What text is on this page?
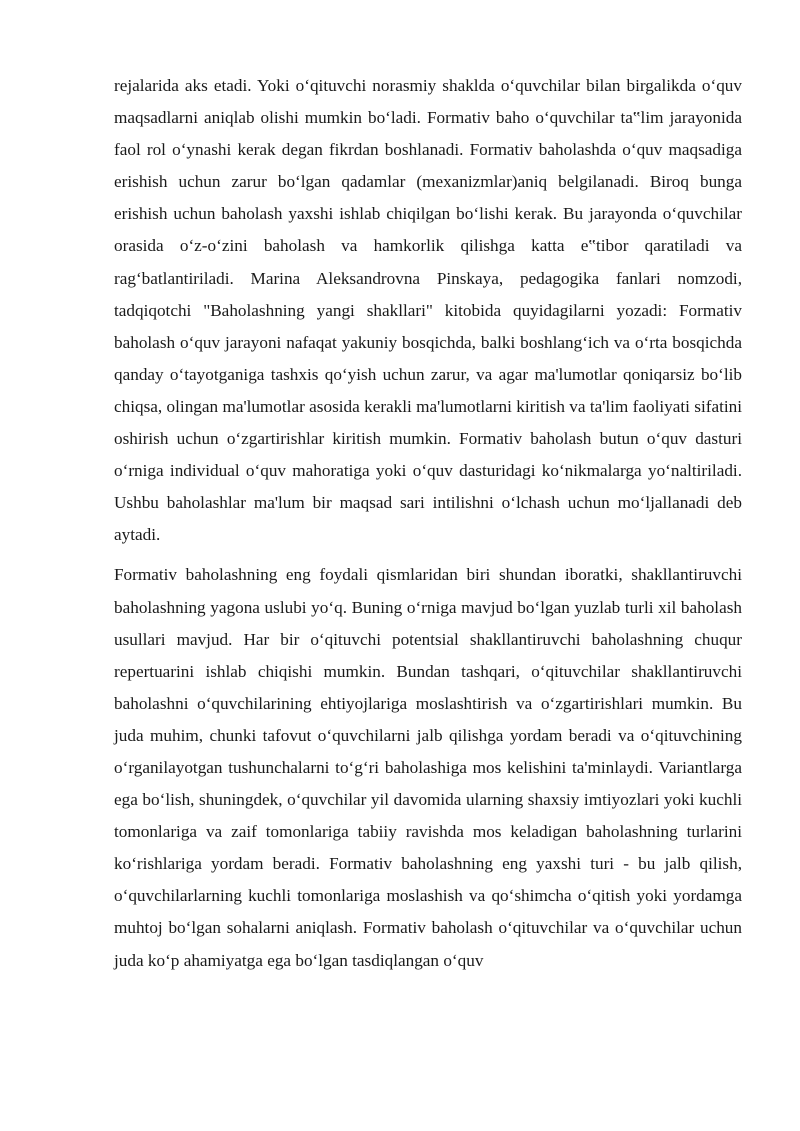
rejalarida aks etadi. Yoki o‘qituvchi norasmiy shaklda o‘quvchilar bilan birgalikda o‘quv maqsadlarni aniqlab olishi mumkin bo‘ladi. Formativ baho o‘quvchilar ta‟lim jarayonida faol rol o‘ynashi kerak degan fikrdan boshlanadi. Formativ baholashda o‘quv maqsadiga erishish uchun zarur bo‘lgan qadamlar (mexanizmlar)aniq belgilanadi. Biroq bunga erishish uchun baholash yaxshi ishlab chiqilgan bo‘lishi kerak. Bu jarayonda o‘quvchilar orasida o‘z-o‘zini baholash va hamkorlik qilishga katta e‟tibor qaratiladi va rag‘batlantiriladi. Marina Aleksandrovna Pinskaya, pedagogika fanlari nomzodi, tadqiqotchi "Baholashning yangi shakllari" kitobida quyidagilarni yozadi: Formativ baholash o‘quv jarayoni nafaqat yakuniy bosqichda, balki boshlang‘ich va o‘rta bosqichda qanday o‘tayotganiga tashxis qo‘yish uchun zarur, va agar ma'lumotlar qoniqarsiz bo‘lib chiqsa, olingan ma'lumotlar asosida kerakli ma'lumotlarni kiritish va ta'lim faoliyati sifatini oshirish uchun o‘zgartirishlar kiritish mumkin. Formativ baholash butun o‘quv dasturi o‘rniga individual o‘quv mahoratiga yoki o‘quv dasturidagi ko‘nikmalarga yo‘naltiriladi. Ushbu baholashlar ma'lum bir maqsad sari intilishni o‘lchash uchun mo‘ljallanadi deb aytadi.

Formativ baholashning eng foydali qismlaridan biri shundan iboratki, shakllantiruvchi baholashning yagona uslubi yo‘q. Buning o‘rniga mavjud bo‘lgan yuzlab turli xil baholash usullari mavjud. Har bir o‘qituvchi potentsial shakllantiruvchi baholashning chuqur repertuarini ishlab chiqishi mumkin. Bundan tashqari, o‘qituvchilar shakllantiruvchi baholashni o‘quvchilarining ehtiyojlariga moslashtirish va o‘zgartirishlari mumkin. Bu juda muhim, chunki tafovut o‘quvchilarni jalb qilishga yordam beradi va o‘qituvchining o‘rganilayotgan tushunchalarni to‘g‘ri baholashiga mos kelishini ta'minlaydi. Variantlarga ega bo‘lish, shuningdek, o‘quvchilar yil davomida ularning shaxsiy imtiyozlari yoki kuchli tomonlariga va zaif tomonlariga tabiiy ravishda mos keladigan baholashning turlarini ko‘rishlariga yordam beradi. Formativ baholashning eng yaxshi turi - bu jalb qilish, o‘quvchilarlarning kuchli tomonlariga moslashish va qo‘shimcha o‘qitish yoki yordamga muhtoj bo‘lgan sohalarni aniqlash. Formativ baholash o‘qituvchilar va o‘quvchilar uchun juda ko‘p ahamiyatga ega bo‘lgan tasdiqlangan o‘quv
